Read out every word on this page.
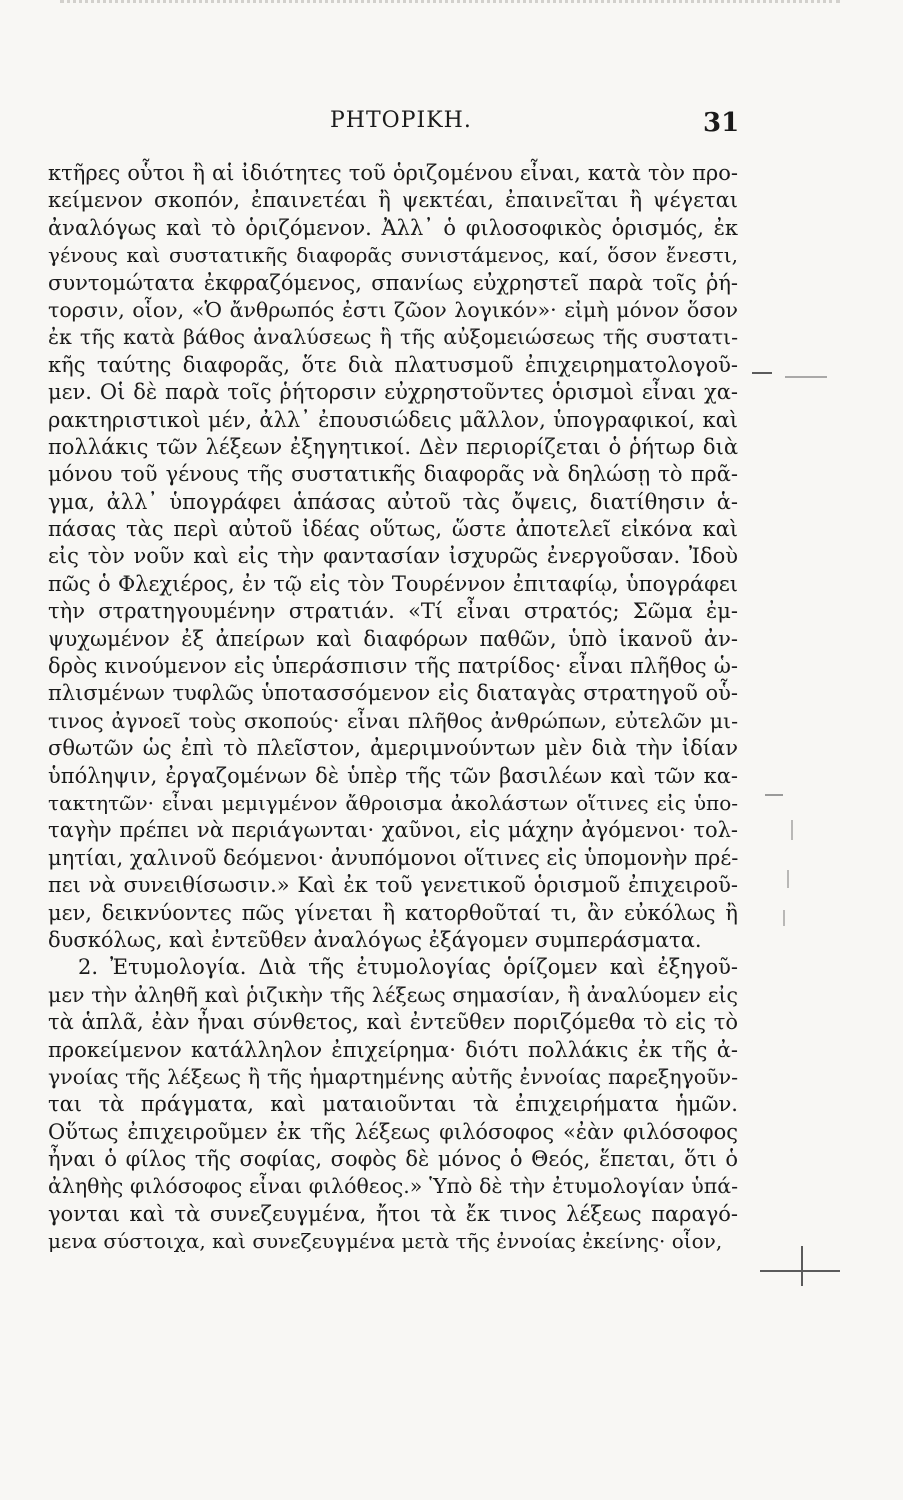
ΡΗΤΟΡΙΚΗ.	31
κτῆρες οὗτοι ἢ αἱ ἰδιότητες τοῦ ὁριζομένου εἶναι, κατὰ τὸν προ-
κείμενον σκοπόν, ἐπαινετέαι ἢ ψεκτέαι, ἐπαινεῖται ἢ ψέγεται
ἀναλόγως καὶ τὸ ὁριζόμενον. Ἀλλ᾽ ὁ φιλοσοφικὸς ὁρισμός, ἐκ
γένους καὶ συστατικῆς διαφορᾶς συνιστάμενος, καί, ὅσον ἔνεστι,
συντομώτατα ἐκφραζόμενος, σπανίως εὐχρηστεῖ παρὰ τοῖς ῥή-
τορσιν, οἷον, «Ὁ ἄνθρωπός ἐστι ζῶον λογικόν»· εἰμὴ μόνον ὅσον
ἐκ τῆς κατὰ βάθος ἀναλύσεως ἢ τῆς αὐξομειώσεως τῆς συστατι-
κῆς ταύτης διαφορᾶς, ὅτε διὰ πλατυσμοῦ ἐπιχειρηματολογοῦ-
μεν. Οἱ δὲ παρὰ τοῖς ῥήτορσιν εὐχρηστοῦντες ὁρισμοὶ εἶναι χα-
ρακτηριστικοὶ μέν, ἀλλ᾽ ἐπουσιώδεις μᾶλλον, ὑπογραφικοί, καὶ
πολλάκις τῶν λέξεων ἐξηγητικοί. Δὲν περιορίζεται ὁ ῥήτωρ διὰ
μόνου τοῦ γένους τῆς συστατικῆς διαφορᾶς νὰ δηλώσῃ τὸ πρᾶ-
γμα, ἀλλ᾽ ὑπογράφει ἁπάσας αὐτοῦ τὰς ὄψεις, διατίθησιν ἁ-
πάσας τὰς περὶ αὐτοῦ ἰδέας οὕτως, ὥστε ἀποτελεῖ εἰκόνα καὶ
εἰς τὸν νοῦν καὶ εἰς τὴν φαντασίαν ἰσχυρῶς ἐνεργοῦσαν. Ἰδοὺ
πῶς ὁ Φλεχιέρος, ἐν τῷ εἰς τὸν Τουρέννον ἐπιταφίῳ, ὑπογράφει
τὴν στρατηγουμένην στρατιάν. «Τί εἶναι στρατός; Σῶμα ἐμ-
ψυχωμένον ἐξ ἀπείρων καὶ διαφόρων παθῶν, ὑπὸ ἱκανοῦ ἀν-
δρὸς κινούμενον εἰς ὑπεράσπισιν τῆς πατρίδος· εἶναι πλῆθος ὡ-
πλισμένων τυφλῶς ὑποτασσόμενον εἰς διαταγὰς στρατηγοῦ οὗ-
τινος ἀγνοεῖ τοὺς σκοπούς· εἶναι πλῆθος ἀνθρώπων, εὐτελῶν μι-
σθωτῶν ὡς ἐπὶ τὸ πλεῖστον, ἀμεριμνούντων μὲν διὰ τὴν ἰδίαν
ὑπόληψιν, ἐργαζομένων δὲ ὑπὲρ τῆς τῶν βασιλέων καὶ τῶν κα-
τακτητῶν· εἶναι μεμιγμένον ἄθροισμα ἀκολάστων οἵτινες εἰς ὑπο-
ταγὴν πρέπει νὰ περιάγωνται· χαῦνοι, εἰς μάχην ἀγόμενοι· τολ-
μητίαι, χαλινοῦ δεόμενοι· ἀνυπόμονοι οἵτινες εἰς ὑπομονὴν πρέ-
πει νὰ συνειθίσωσιν.» Καὶ ἐκ τοῦ γενετικοῦ ὁρισμοῦ ἐπιχειροῦ-
μεν, δεικνύοντες πῶς γίνεται ἢ κατορθοῦταί τι, ἂν εὐκόλως ἢ
δυσκόλως, καὶ ἐντεῦθεν ἀναλόγως ἐξάγομεν συμπεράσματα.
2. Ἐτυμολογία. Διὰ τῆς ἐτυμολογίας ὁρίζομεν καὶ ἐξηγοῦ-
μεν τὴν ἀληθῆ καὶ ῥιζικὴν τῆς λέξεως σημασίαν, ἢ ἀναλύομεν εἰς
τὰ ἁπλᾶ, ἐὰν ἦναι σύνθετος, καὶ ἐντεῦθεν ποριζόμεθα τὸ εἰς τὸ
προκείμενον κατάλληλον ἐπιχείρημα· διότι πολλάκις ἐκ τῆς ἀ-
γνοίας τῆς λέξεως ἢ τῆς ἡμαρτημένης αὐτῆς ἐννοίας παρεξηγοῦν-
ται τὰ πράγματα, καὶ ματαιοῦνται τὰ ἐπιχειρήματα ἡμῶν.
Οὕτως ἐπιχειροῦμεν ἐκ τῆς λέξεως φιλόσοφος «ἐὰν φιλόσοφος
ἦναι ὁ φίλος τῆς σοφίας, σοφὸς δὲ μόνος ὁ Θεός, ἕπεται, ὅτι ὁ
ἀληθὴς φιλόσοφος εἶναι φιλόθεος.» Ὑπὸ δὲ τὴν ἐτυμολογίαν ὑπά-
γονται καὶ τὰ συνεζευγμένα, ἤτοι τὰ ἔκ τινος λέξεως παραγό-
μενα σύστοιχα, καὶ συνεζευγμένα μετὰ τῆς ἐννοίας ἐκείνης· οἷον,
